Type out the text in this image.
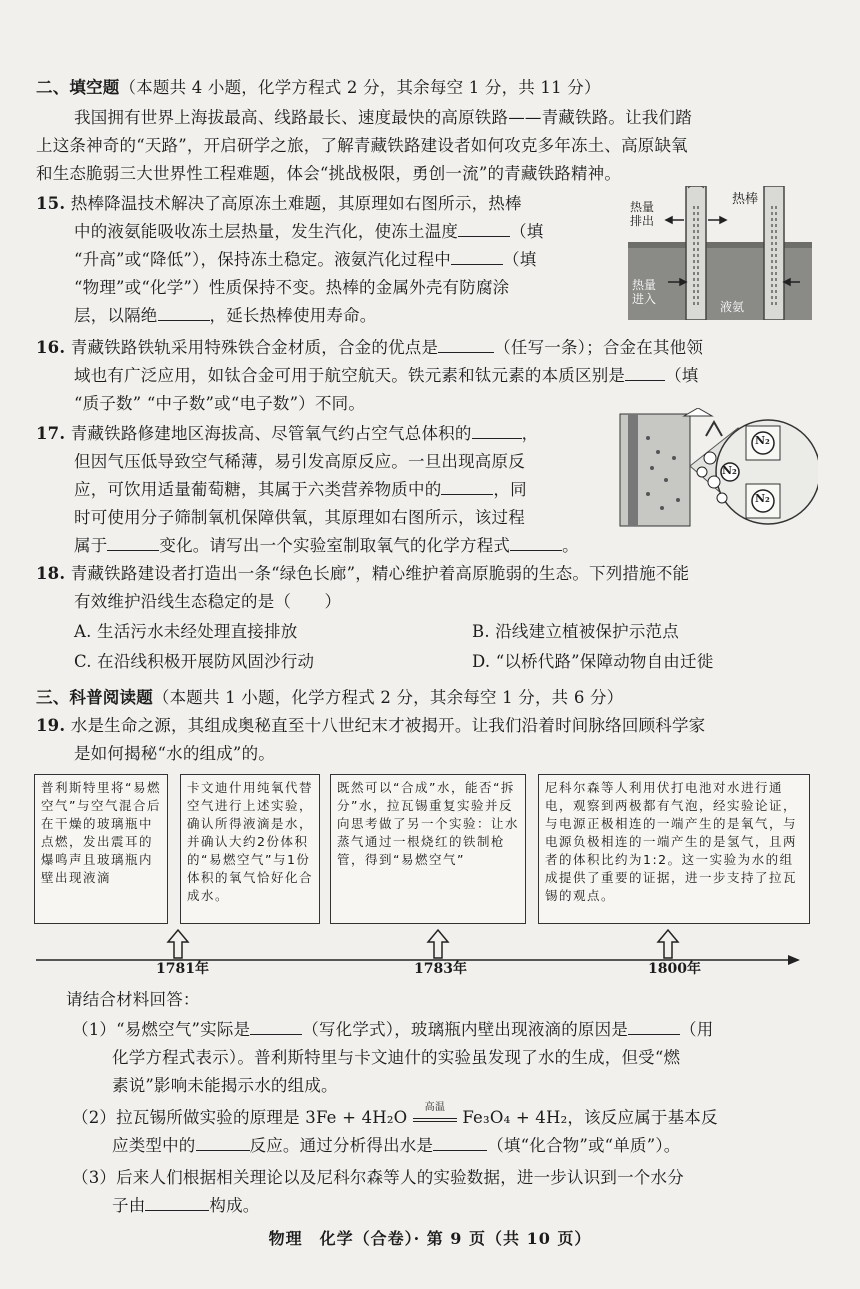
二、填空题（本题共 4 小题，化学方程式 2 分，其余每空 1 分，共 11 分）
我国拥有世界上海拔最高、线路最长、速度最快的高原铁路——青藏铁路。让我们踏
上这条神奇的“天路”，开启研学之旅，了解青藏铁路建设者如何攻克多年冻土、高原缺氧
和生态脆弱三大世界性工程难题，体会“挑战极限，勇创一流”的青藏铁路精神。
15. 热棒降温技术解决了高原冻土难题，其原理如右图所示，热棒
中的液氨能吸收冻土层热量，发生汽化，使冻土温度	（填
“升高”或“降低”），保持冻土稳定。液氨汽化过程中	（填
“物理”或“化学”）性质保持不变。热棒的金属外壳有防腐涂
层，以隔绝	，延长热棒使用寿命。
热量
排出
热棒
热量
进入
液氨
16. 青藏铁路铁轨采用特殊铁合金材质，合金的优点是	（任写一条）；合金在其他领
域也有广泛应用，如钛合金可用于航空航天。铁元素和钛元素的本质区别是 （填
“质子数” “中子数”或“电子数”）不同。
17. 青藏铁路修建地区海拔高、尽管氧气约占空气总体积的	，
但因气压低导致空气稀薄，易引发高原反应。一旦出现高原反
应，可饮用适量葡萄糖，其属于六类营养物质中的	，同
时可使用分子筛制氧机保障供氧，其原理如右图所示，该过程
属于	变化。请写出一个实验室制取氧气的化学方程式	。
N₂
N₂
N₂
18. 青藏铁路建设者打造出一条“绿色长廊”，精心维护着高原脆弱的生态。下列措施不能
有效维护沿线生态稳定的是（　　）
A. 生活污水未经处理直接排放	B. 沿线建立植被保护示范点
C. 在沿线积极开展防风固沙行动	D. “以桥代路”保障动物自由迁徙
三、科普阅读题（本题共 1 小题，化学方程式 2 分，其余每空 1 分，共 6 分）
19. 水是生命之源，其组成奥秘直至十八世纪末才被揭开。让我们沿着时间脉络回顾科学家
是如何揭秘“水的组成”的。
普利斯特里将“易燃空气”与空气混合后在干燥的玻璃瓶中点燃，发出震耳的爆鸣声且玻璃瓶内壁出现液滴
卡文迪什用纯氧代替空气进行上述实验，确认所得液滴是水，并确认大约2份体积的“易燃空气”与1份体积的氧气恰好化合成水。
既然可以“合成”水，能否“拆分”水，拉瓦锡重复实验并反向思考做了另一个实验：让水蒸气通过一根烧红的铁制枪管，得到“易燃空气”
尼科尔森等人利用伏打电池对水进行通电，观察到两极都有气泡，经实验论证，与电源正极相连的一端产生的是氧气，与电源负极相连的一端产生的是氢气，且两者的体积比约为1:2。这一实验为水的组成提供了重要的证据，进一步支持了拉瓦锡的观点。
1781年	1783年	1800年
请结合材料回答：
（1）“易燃空气”实际是	（写化学式），玻璃瓶内壁出现液滴的原因是	（用
化学方程式表示）。普利斯特里与卡文迪什的实验虽发现了水的生成，但受“燃
素说”影响未能揭示水的组成。
（2）拉瓦锡所做实验的原理是 3Fe + 4H₂O
高温
Fe₃O₄ + 4H₂，该反应属于基本反
应类型中的	反应。通过分析得出水是	（填“化合物”或“单质”）。
（3）后来人们根据相关理论以及尼科尔森等人的实验数据，进一步认识到一个水分
子由	构成。
物理　化学（合卷）· 第 9 页（共 10 页）
